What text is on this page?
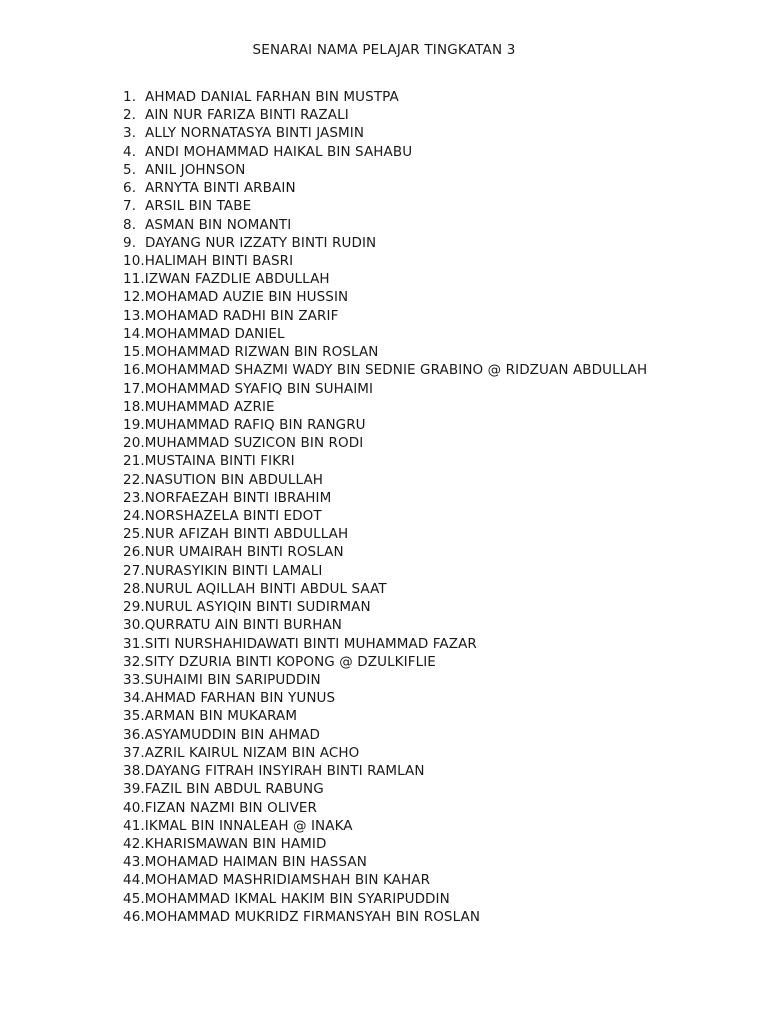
SENARAI NAMA PELAJAR TINGKATAN 3
1. AHMAD DANIAL FARHAN BIN MUSTPA
2. AIN NUR FARIZA BINTI RAZALI
3. ALLY NORNATASYA BINTI JASMIN
4. ANDI MOHAMMAD HAIKAL BIN SAHABU
5. ANIL JOHNSON
6. ARNYTA BINTI ARBAIN
7. ARSIL BIN TABE
8. ASMAN BIN NOMANTI
9. DAYANG NUR IZZATY BINTI RUDIN
10.HALIMAH BINTI BASRI
11.IZWAN FAZDLIE ABDULLAH
12.MOHAMAD AUZIE BIN HUSSIN
13.MOHAMAD RADHI BIN ZARIF
14.MOHAMMAD DANIEL
15.MOHAMMAD RIZWAN BIN ROSLAN
16.MOHAMMAD SHAZMI WADY BIN SEDNIE GRABINO @ RIDZUAN ABDULLAH
17.MOHAMMAD SYAFIQ BIN SUHAIMI
18.MUHAMMAD AZRIE
19.MUHAMMAD RAFIQ BIN RANGRU
20.MUHAMMAD SUZICON BIN RODI
21.MUSTAINA BINTI FIKRI
22.NASUTION BIN ABDULLAH
23.NORFAEZAH BINTI IBRAHIM
24.NORSHAZELA BINTI EDOT
25.NUR AFIZAH BINTI ABDULLAH
26.NUR UMAIRAH BINTI ROSLAN
27.NURASYIKIN BINTI LAMALI
28.NURUL AQILLAH BINTI ABDUL SAAT
29.NURUL ASYIQIN BINTI SUDIRMAN
30.QURRATU AIN BINTI BURHAN
31.SITI NURSHAHIDAWATI BINTI MUHAMMAD FAZAR
32.SITY DZURIA BINTI KOPONG @ DZULKIFLIE
33.SUHAIMI BIN SARIPUDDIN
34.AHMAD FARHAN BIN YUNUS
35.ARMAN BIN MUKARAM
36.ASYAMUDDIN BIN AHMAD
37.AZRIL KAIRUL NIZAM BIN ACHO
38.DAYANG FITRAH INSYIRAH BINTI RAMLAN
39.FAZIL BIN ABDUL RABUNG
40.FIZAN NAZMI BIN OLIVER
41.IKMAL BIN INNALEAH @ INAKA
42.KHARISMAWAN BIN HAMID
43.MOHAMAD HAIMAN BIN HASSAN
44.MOHAMAD MASHRIDIAMSHAH BIN KAHAR
45.MOHAMMAD IKMAL HAKIM BIN SYARIPUDDIN
46.MOHAMMAD MUKRIDZ FIRMANSYAH BIN ROSLAN
